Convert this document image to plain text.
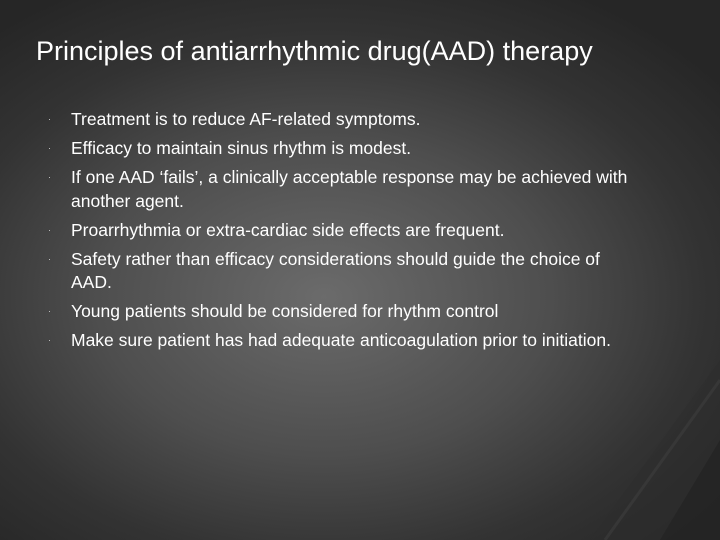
Principles of antiarrhythmic drug(AAD) therapy
·	Treatment is to reduce AF-related symptoms.
·	Efficacy to maintain sinus rhythm is modest.
·	If one AAD ‘fails’, a clinically acceptable response may be achieved with another agent.
·	Proarrhythmia or extra-cardiac side effects are frequent.
·	Safety rather than efficacy considerations should guide the choice of AAD.
·	Young patients should be considered for rhythm control
·	Make sure patient has had adequate anticoagulation prior to initiation.
